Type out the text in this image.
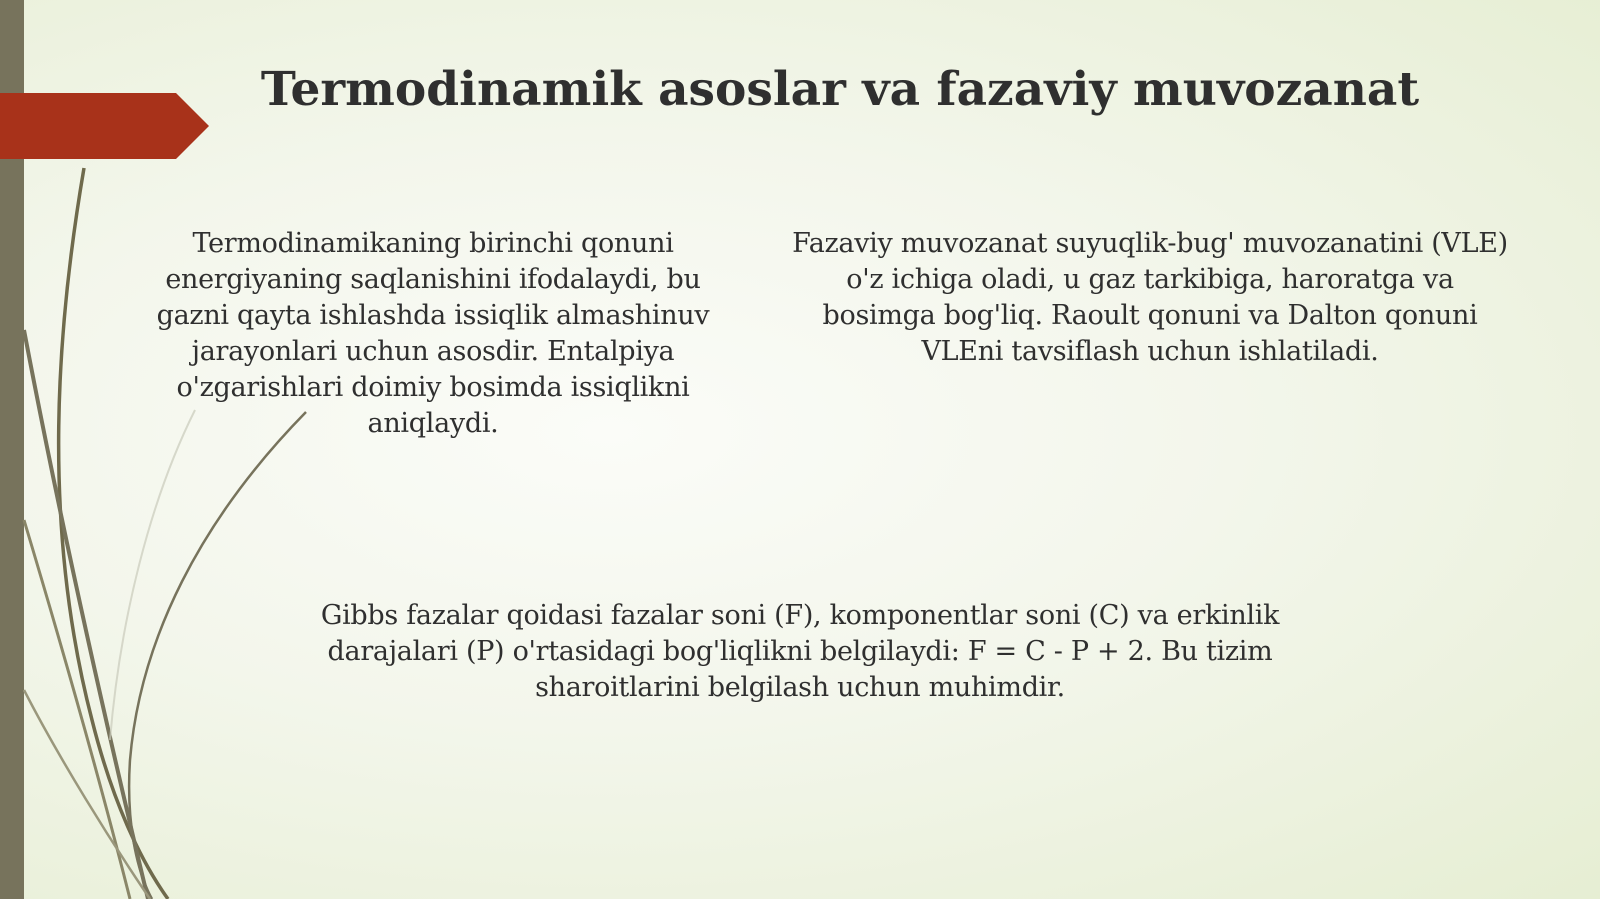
Termodinamik asoslar va fazaviy muvozanat

Termodinamikaning birinchi qonuni energiyaning saqlanishini ifodalaydi, bu gazni qayta ishlashda issiqlik almashinuv jarayonlari uchun asosdir. Entalpiya o'zgarishlari doimiy bosimda issiqlikni aniqlaydi.

Fazaviy muvozanat suyuqlik-bug' muvozanatini (VLE) o'z ichiga oladi, u gaz tarkibiga, haroratga va bosimga bog'liq. Raoult qonuni va Dalton qonuni VLEni tavsiflash uchun ishlatiladi.

Gibbs fazalar qoidasi fazalar soni (F), komponentlar soni (C) va erkinlik darajalari (P) o'rtasidagi bog'liqlikni belgilaydi: F = C - P + 2. Bu tizim sharoitlarini belgilash uchun muhimdir.
